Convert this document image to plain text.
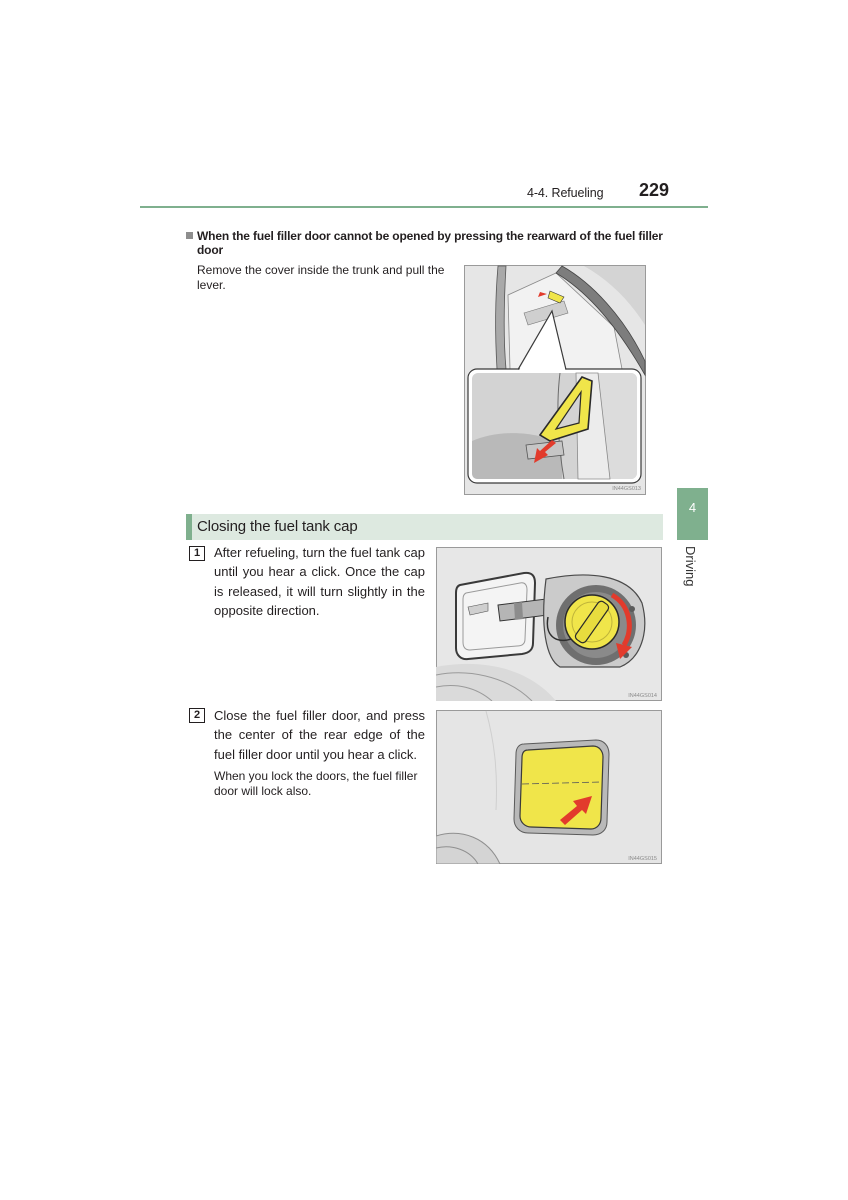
4-4. Refueling 229
When the fuel filler door cannot be opened by pressing the rearward of the fuel filler door
Remove the cover inside the trunk and pull the lever.
IN44GS013
4
Driving
Closing the fuel tank cap
1	After refueling, turn the fuel tank cap until you hear a click. Once the cap is released, it will turn slightly in the opposite direction.
IN44GS014
2	Close the fuel filler door, and press the center of the rear edge of the fuel filler door until you hear a click.
When you lock the doors, the fuel filler door will lock also.
IN44GS015
